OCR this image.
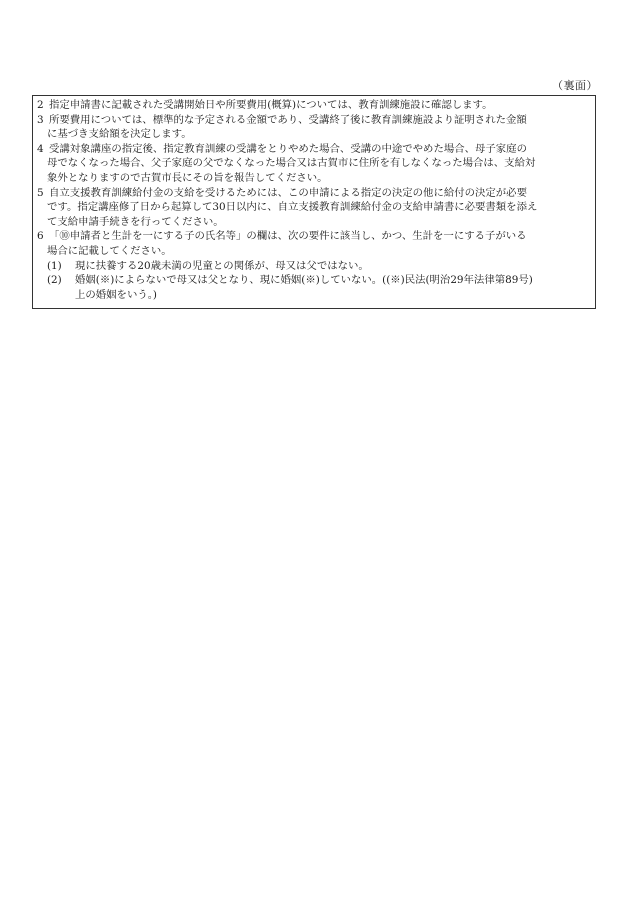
（裏面）

2 指定申請書に記載された受講開始日や所要費用(概算)については、教育訓練施設に確認します。

3 所要費用については、標準的な予定される金額であり、受講終了後に教育訓練施設より証明された金額
に基づき支給額を決定します。

4 受講対象講座の指定後、指定教育訓練の受講をとりやめた場合、受講の中途でやめた場合、母子家庭の
母でなくなった場合、父子家庭の父でなくなった場合又は古賀市に住所を有しなくなった場合は、支給対
象外となりますので古賀市長にその旨を報告してください。

5 自立支援教育訓練給付金の支給を受けるためには、この申請による指定の決定の他に給付の決定が必要
です。指定講座修了日から起算して30日以内に、自立支援教育訓練給付金の支給申請書に必要書類を添え
て支給申請手続きを行ってください。

6 「⑩申請者と生計を一にする子の氏名等」の欄は、次の要件に該当し、かつ、生計を一にする子がいる
場合に記載してください。

(1) 現に扶養する20歳未満の児童との関係が、母又は父ではない。

(2) 婚姻(※)によらないで母又は父となり、現に婚姻(※)していない。((※)民法(明治29年法律第89号)
上の婚姻をいう。)
